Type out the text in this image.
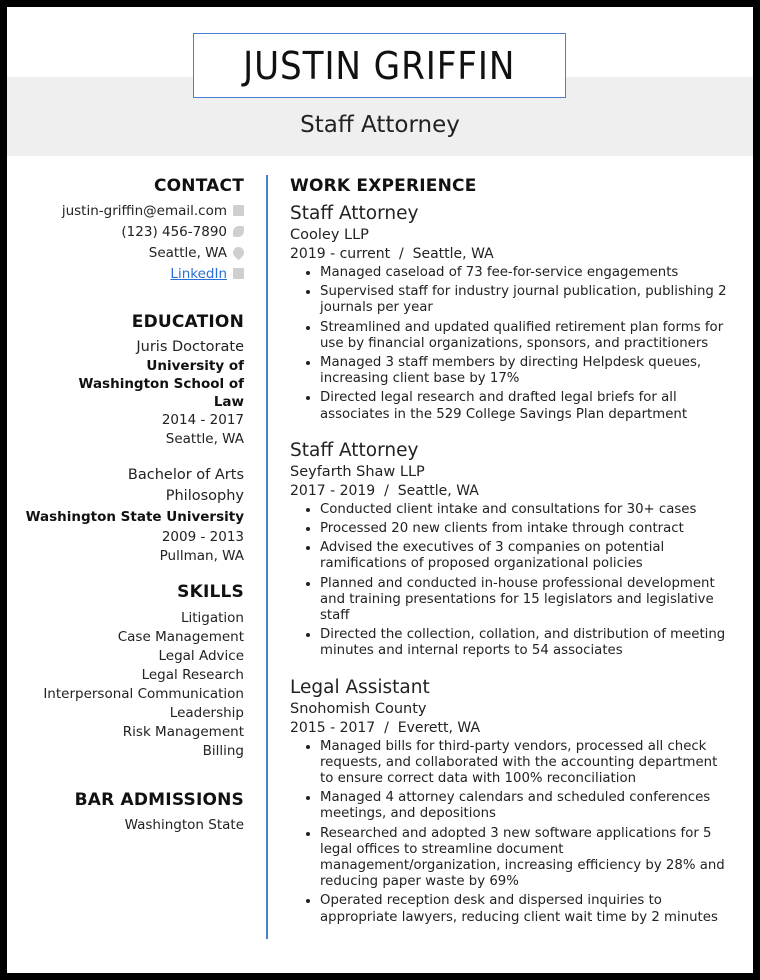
JUSTIN GRIFFIN
Staff Attorney
CONTACT
justin-griffin@email.com
(123) 456-7890
Seattle, WA
LinkedIn
EDUCATION
Juris Doctorate
University of Washington School of Law
2014 - 2017
Seattle, WA
Bachelor of Arts
Philosophy
Washington State University
2009 - 2013
Pullman, WA
SKILLS
Litigation
Case Management
Legal Advice
Legal Research
Interpersonal Communication
Leadership
Risk Management
Billing
BAR ADMISSIONS
Washington State
WORK EXPERIENCE
Staff Attorney
Cooley LLP
2019 - current  /  Seattle, WA
• Managed caseload of 73 fee-for-service engagements
• Supervised staff for industry journal publication, publishing 2 journals per year
• Streamlined and updated qualified retirement plan forms for use by financial organizations, sponsors, and practitioners
• Managed 3 staff members by directing Helpdesk queues, increasing client base by 17%
• Directed legal research and drafted legal briefs for all associates in the 529 College Savings Plan department
Staff Attorney
Seyfarth Shaw LLP
2017 - 2019  /  Seattle, WA
• Conducted client intake and consultations for 30+ cases
• Processed 20 new clients from intake through contract
• Advised the executives of 3 companies on potential ramifications of proposed organizational policies
• Planned and conducted in-house professional development and training presentations for 15 legislators and legislative staff
• Directed the collection, collation, and distribution of meeting minutes and internal reports to 54 associates
Legal Assistant
Snohomish County
2015 - 2017  /  Everett, WA
• Managed bills for third-party vendors, processed all check requests, and collaborated with the accounting department to ensure correct data with 100% reconciliation
• Managed 4 attorney calendars and scheduled conferences meetings, and depositions
• Researched and adopted 3 new software applications for 5 legal offices to streamline document management/organization, increasing efficiency by 28% and reducing paper waste by 69%
• Operated reception desk and dispersed inquiries to appropriate lawyers, reducing client wait time by 2 minutes
